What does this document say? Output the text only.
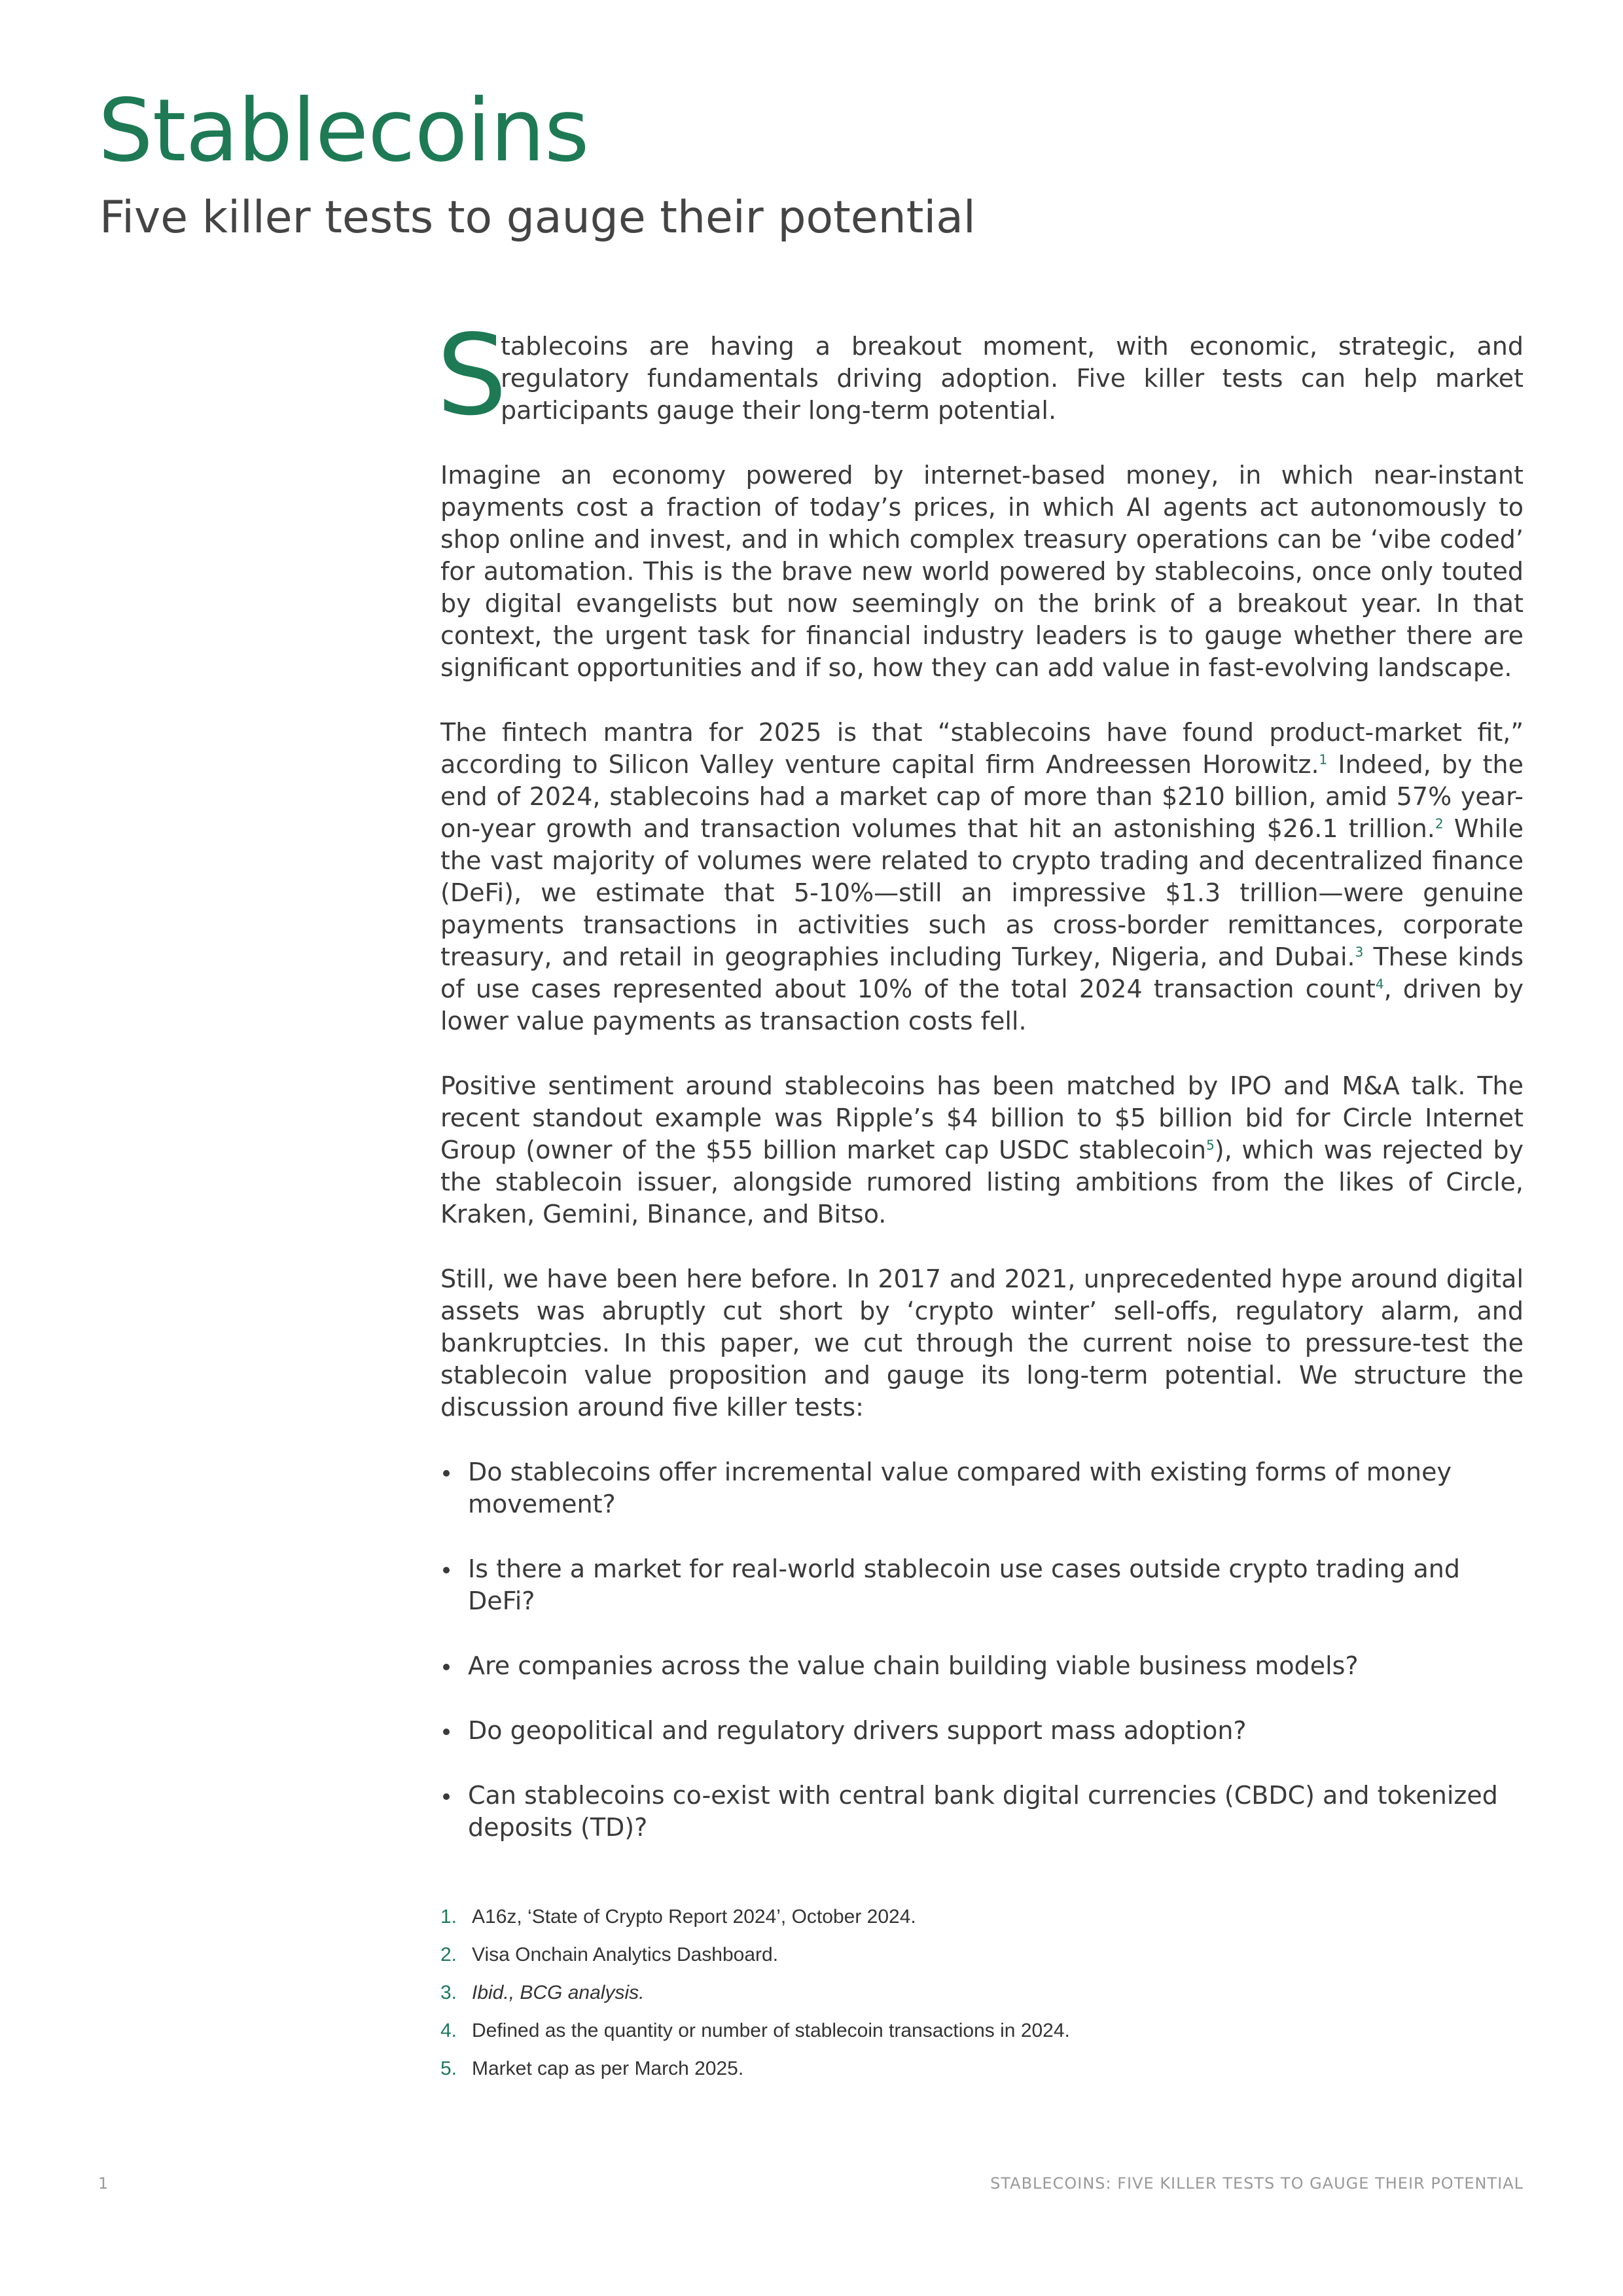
Stablecoins
Five killer tests to gauge their potential

S
tablecoins are having a breakout moment, with economic, strategic, and regulatory fundamentals driving adoption. Five killer tests can help market participants gauge their long-term potential.

Imagine an economy powered by internet-based money, in which near-instant payments cost a fraction of today’s prices, in which AI agents act autonomously to shop online and invest, and in which complex treasury operations can be ‘vibe coded’ for automation. This is the brave new world powered by stablecoins, once only touted by digital evangelists but now seemingly on the brink of a breakout year. In that context, the urgent task for financial industry leaders is to gauge whether there are significant opportunities and if so, how they can add value in fast-evolving landscape.

The fintech mantra for 2025 is that “stablecoins have found product-market fit,” according to Silicon Valley venture capital firm Andreessen Horowitz.$^1$ Indeed, by the end of 2024, stablecoins had a market cap of more than $210 billion, amid 57% year-on-year growth and transaction volumes that hit an astonishing $26.1 trillion.$^2$ While the vast majority of volumes were related to crypto trading and decentralized finance (DeFi), we estimate that 5-10%—still an impressive $1.3 trillion—were genuine payments transactions in activities such as cross-border remittances, corporate treasury, and retail in geographies including Turkey, Nigeria, and Dubai.$^3$ These kinds of use cases represented about 10% of the total 2024 transaction count$^4$, driven by lower value payments as transaction costs fell.

Positive sentiment around stablecoins has been matched by IPO and M&A talk. The recent standout example was Ripple’s $4 billion to $5 billion bid for Circle Internet Group (owner of the $55 billion market cap USDC stablecoin$^5$), which was rejected by the stablecoin issuer, alongside rumored listing ambitions from the likes of Circle, Kraken, Gemini, Binance, and Bitso.

Still, we have been here before. In 2017 and 2021, unprecedented hype around digital assets was abruptly cut short by ‘crypto winter’ sell-offs, regulatory alarm, and bankruptcies. In this paper, we cut through the current noise to pressure-test the stablecoin value proposition and gauge its long-term potential. We structure the discussion around five killer tests:

Do stablecoins offer incremental value compared with existing forms of money movement?
Is there a market for real-world stablecoin use cases outside crypto trading and DeFi?
Are companies across the value chain building viable business models?
Do geopolitical and regulatory drivers support mass adoption?
Can stablecoins co-exist with central bank digital currencies (CBDC) and tokenized deposits (TD)?
1. A16z, ‘State of Crypto Report 2024’, October 2024.
2. Visa Onchain Analytics Dashboard.
3. Ibid., BCG analysis.
4. Defined as the quantity or number of stablecoin transactions in 2024.
5. Market cap as per March 2025.
1	STABLECOINS: FIVE KILLER TESTS TO GAUGE THEIR POTENTIAL
